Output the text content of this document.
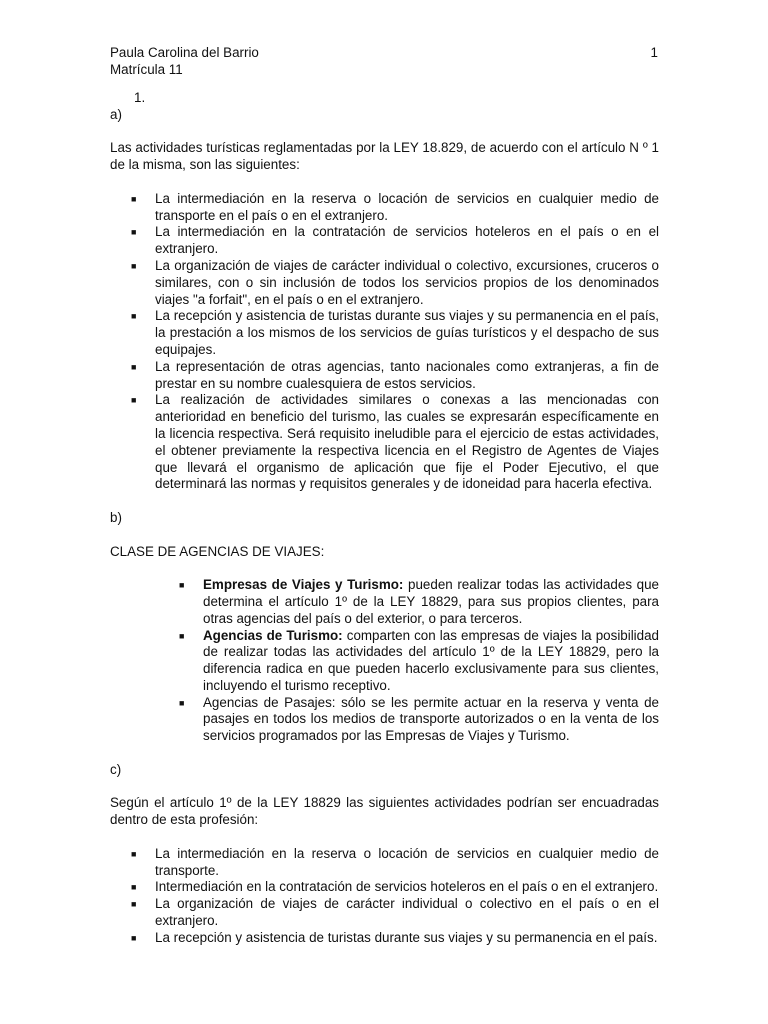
Paula Carolina del Barrio
Matrícula 11
1

1.

a)

Las actividades turísticas reglamentadas por la LEY 18.829, de acuerdo con el artículo N º 1 de la misma, son las siguientes:

■	La intermediación en la reserva o locación de servicios en cualquier medio de transporte en el país o en el extranjero.
■	La intermediación en la contratación de servicios hoteleros en el país o en el extranjero.
■	La organización de viajes de carácter individual o colectivo, excursiones, cruceros o similares, con o sin inclusión de todos los servicios propios de los denominados viajes "a forfait", en el país o en el extranjero.
■	La recepción y asistencia de turistas durante sus viajes y su permanencia en el país, la prestación a los mismos de los servicios de guías turísticos y el despacho de sus equipajes.
■	La representación de otras agencias, tanto nacionales como extranjeras, a fin de prestar en su nombre cualesquiera de estos servicios.
■	La realización de actividades similares o conexas a las mencionadas con anterioridad en beneficio del turismo, las cuales se expresarán específicamente en la licencia respectiva. Será requisito ineludible para el ejercicio de estas actividades, el obtener previamente la respectiva licencia en el Registro de Agentes de Viajes que llevará el organismo de aplicación que fije el Poder Ejecutivo, el que determinará las normas y requisitos generales y de idoneidad para hacerla efectiva.

b)

CLASE DE AGENCIAS DE VIAJES:

■	Empresas de Viajes y Turismo: pueden realizar todas las actividades que determina el artículo 1º de la LEY 18829, para sus propios clientes, para otras agencias del país o del exterior, o para terceros.
■	Agencias de Turismo: comparten con las empresas de viajes la posibilidad de realizar todas las actividades del artículo 1º de la LEY 18829, pero la diferencia radica en que pueden hacerlo exclusivamente para sus clientes, incluyendo el turismo receptivo.
■	Agencias de Pasajes: sólo se les permite actuar en la reserva y venta de pasajes en todos los medios de transporte autorizados o en la venta de los servicios programados por las Empresas de Viajes y Turismo.

c)

Según el artículo 1º de la LEY 18829 las siguientes actividades podrían ser encuadradas dentro de esta profesión:

■	La intermediación en la reserva o locación de servicios en cualquier medio de transporte.
■	Intermediación en la contratación de servicios hoteleros en el país o en el extranjero.
■	La organización de viajes de carácter individual o colectivo en el país o en el extranjero.
■	La recepción y asistencia de turistas durante sus viajes y su permanencia en el país.
